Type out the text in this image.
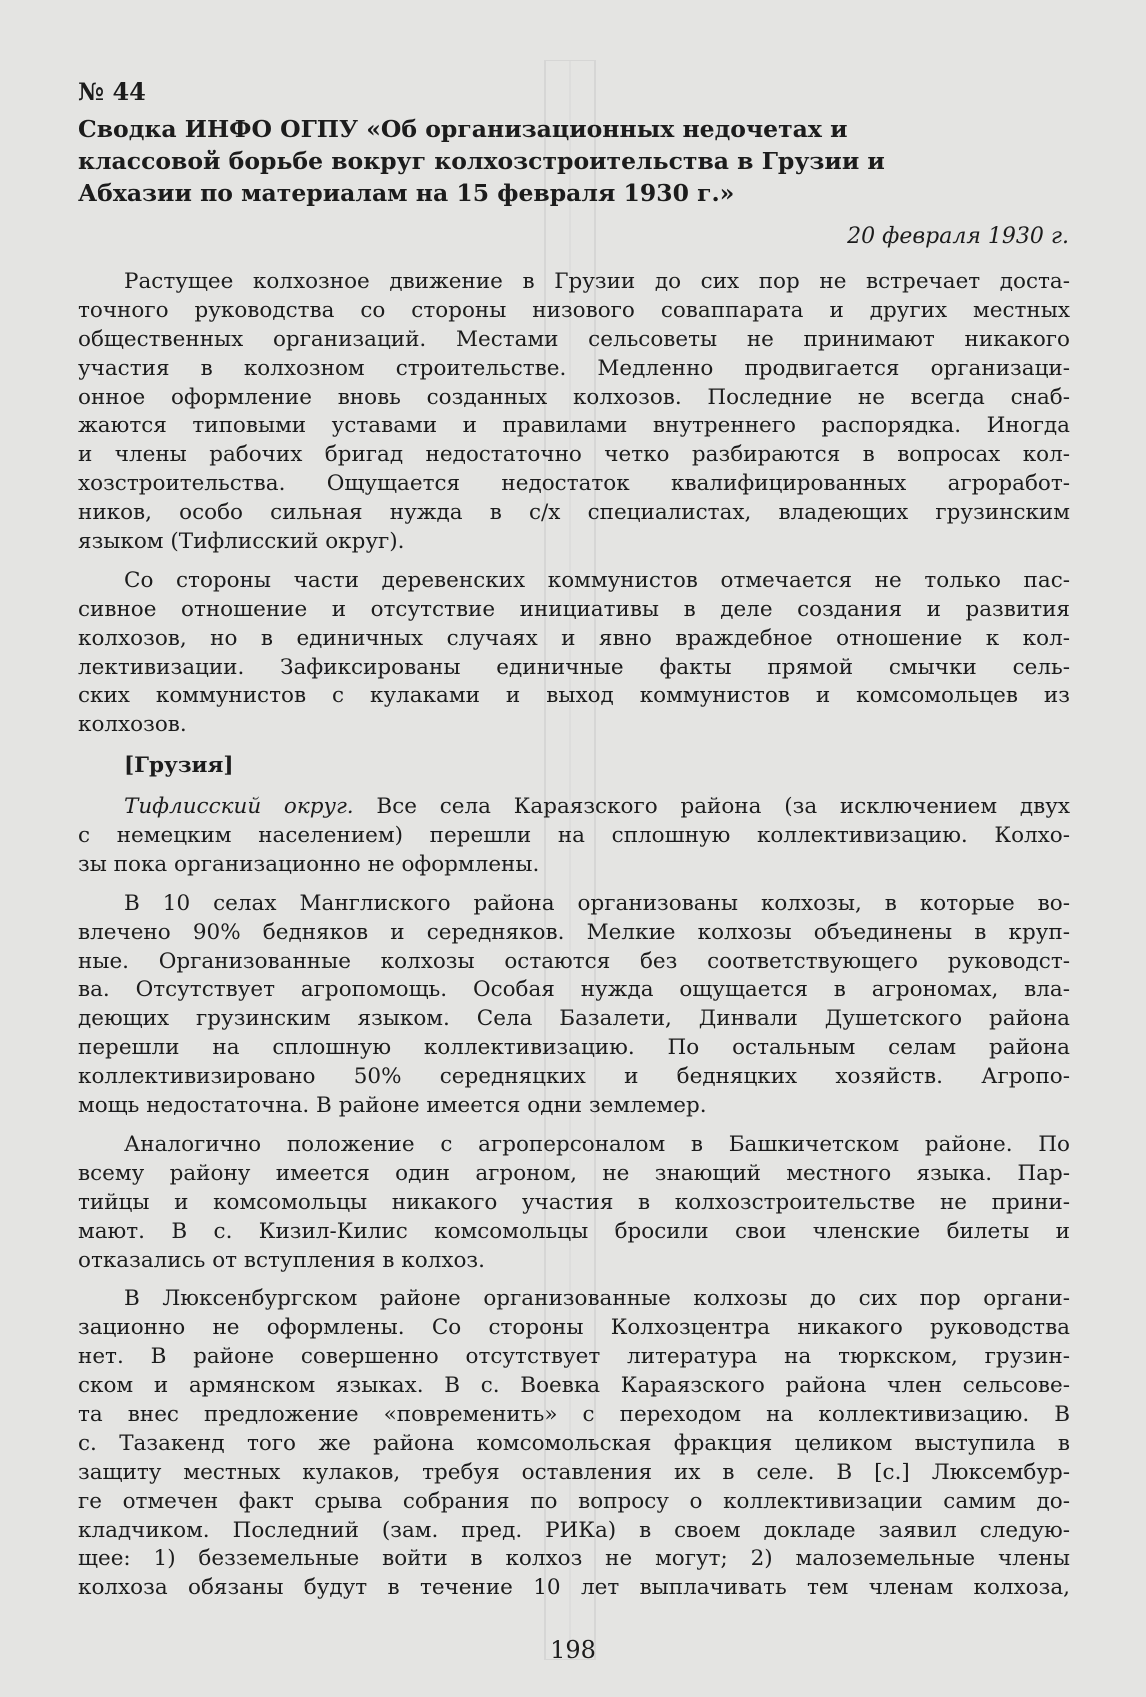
№ 44
Сводка ИНФО ОГПУ «Об организационных недочетах и
классовой борьбе вокруг колхозстроительства в Грузии и
Абхазии по материалам на 15 февраля 1930 г.»
20 февраля 1930 г.
Растущее колхозное движение в Грузии до сих пор не встречает доста-
точного руководства со стороны низового соваппарата и других местных
общественных организаций. Местами сельсоветы не принимают никакого
участия в колхозном строительстве. Медленно продвигается организаци-
онное оформление вновь созданных колхозов. Последние не всегда снаб-
жаются типовыми уставами и правилами внутреннего распорядка. Иногда
и члены рабочих бригад недостаточно четко разбираются в вопросах кол-
хозстроительства. Ощущается недостаток квалифицированных агроработ-
ников, особо сильная нужда в с/х специалистах, владеющих грузинским
языком (Тифлисский округ).
Со стороны части деревенских коммунистов отмечается не только пас-
сивное отношение и отсутствие инициативы в деле создания и развития
колхозов, но в единичных случаях и явно враждебное отношение к кол-
лективизации. Зафиксированы единичные факты прямой смычки сель-
ских коммунистов с кулаками и выход коммунистов и комсомольцев из
колхозов.
[Грузия]
Тифлисский округ. Все села Караязского района (за исключением двух
с немецким населением) перешли на сплошную коллективизацию. Колхо-
зы пока организационно не оформлены.
В 10 селах Манглиского района организованы колхозы, в которые во-
влечено 90% бедняков и середняков. Мелкие колхозы объединены в круп-
ные. Организованные колхозы остаются без соответствующего руководст-
ва. Отсутствует агропомощь. Особая нужда ощущается в агрономах, вла-
деющих грузинским языком. Села Базалети, Динвали Душетского района
перешли на сплошную коллективизацию. По остальным селам района
коллективизировано 50% середняцких и бедняцких хозяйств. Агропо-
мощь недостаточна. В районе имеется одни землемер.
Аналогично положение с агроперсоналом в Башкичетском районе. По
всему району имеется один агроном, не знающий местного языка. Пар-
тийцы и комсомольцы никакого участия в колхозстроительстве не прини-
мают. В с. Кизил-Килис комсомольцы бросили свои членские билеты и
отказались от вступления в колхоз.
В Люксенбургском районе организованные колхозы до сих пор органи-
зационно не оформлены. Со стороны Колхозцентра никакого руководства
нет. В районе совершенно отсутствует литература на тюркском, грузин-
ском и армянском языках. В с. Воевка Караязского района член сельсове-
та внес предложение «повременить» с переходом на коллективизацию. В
с. Тазакенд того же района комсомольская фракция целиком выступила в
защиту местных кулаков, требуя оставления их в селе. В [с.] Люксембур-
ге отмечен факт срыва собрания по вопросу о коллективизации самим до-
кладчиком. Последний (зам. пред. РИКа) в своем докладе заявил следую-
щее: 1) безземельные войти в колхоз не могут; 2) малоземельные члены
колхоза обязаны будут в течение 10 лет выплачивать тем членам колхоза,
198
